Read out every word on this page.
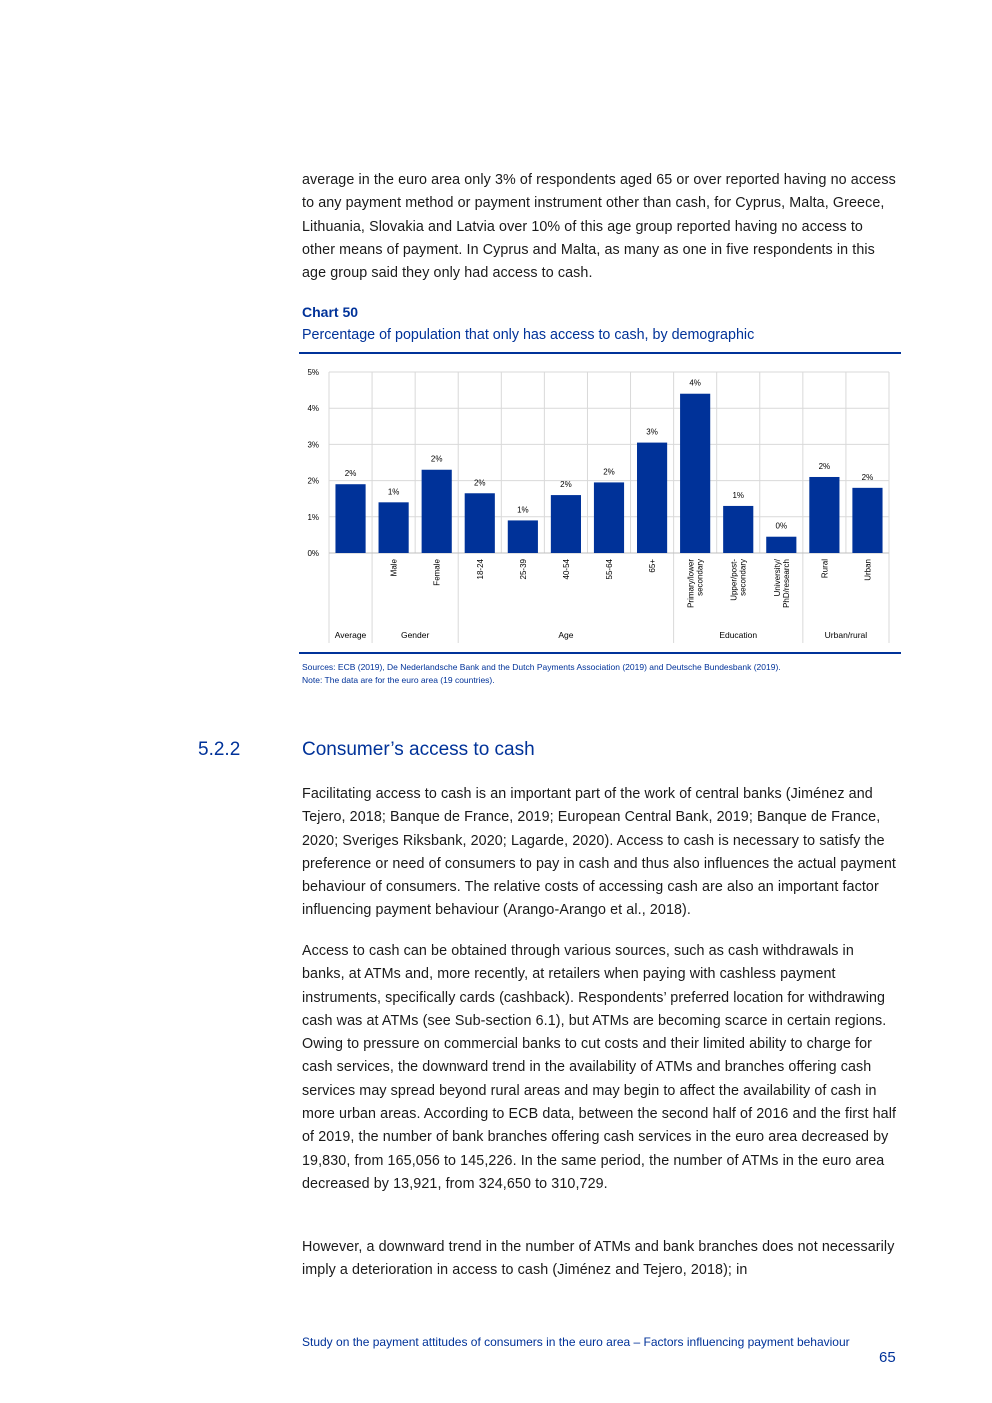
average in the euro area only 3% of respondents aged 65 or over reported having no access to any payment method or payment instrument other than cash, for Cyprus, Malta, Greece, Lithuania, Slovakia and Latvia over 10% of this age group reported having no access to other means of payment. In Cyprus and Malta, as many as one in five respondents in this age group said they only had access to cash.

Chart 50
Percentage of population that only has access to cash, by demographic
0%
1%
2%
3%
4%
5%
2%
1%
2%
2%
1%
2%
2%
3%
4%
1%
0%
2%
2%
Male	Female	18-24	25-39	40-54	55-64	65+	Primary/lowersecondary	Upper/post-secondary	University/PhD/research	Rural	Urban
Average	Gender	Age	Education	Urban/rural
Sources: ECB (2019), De Nederlandsche Bank and the Dutch Payments Association (2019) and Deutsche Bundesbank (2019).
Note: The data are for the euro area (19 countries).
5.2.2	Consumer’s access to cash

Facilitating access to cash is an important part of the work of central banks (Jiménez and Tejero, 2018; Banque de France, 2019; European Central Bank, 2019; Banque de France, 2020; Sveriges Riksbank, 2020; Lagarde, 2020). Access to cash is necessary to satisfy the preference or need of consumers to pay in cash and thus also influences the actual payment behaviour of consumers. The relative costs of accessing cash are also an important factor influencing payment behaviour (Arango-Arango et al., 2018).

Access to cash can be obtained through various sources, such as cash withdrawals in banks, at ATMs and, more recently, at retailers when paying with cashless payment instruments, specifically cards (cashback). Respondents’ preferred location for withdrawing cash was at ATMs (see Sub-section 6.1), but ATMs are becoming scarce in certain regions. Owing to pressure on commercial banks to cut costs and their limited ability to charge for cash services, the downward trend in the availability of ATMs and branches offering cash services may spread beyond rural areas and may begin to affect the availability of cash in more urban areas. According to ECB data, between the second half of 2016 and the first half of 2019, the number of bank branches offering cash services in the euro area decreased by 19,830, from 165,056 to 145,226. In the same period, the number of ATMs in the euro area decreased by 13,921, from 324,650 to 310,729.

However, a downward trend in the number of ATMs and bank branches does not necessarily imply a deterioration in access to cash (Jiménez and Tejero, 2018); in

Study on the payment attitudes of consumers in the euro area – Factors influencing payment behaviour
65
